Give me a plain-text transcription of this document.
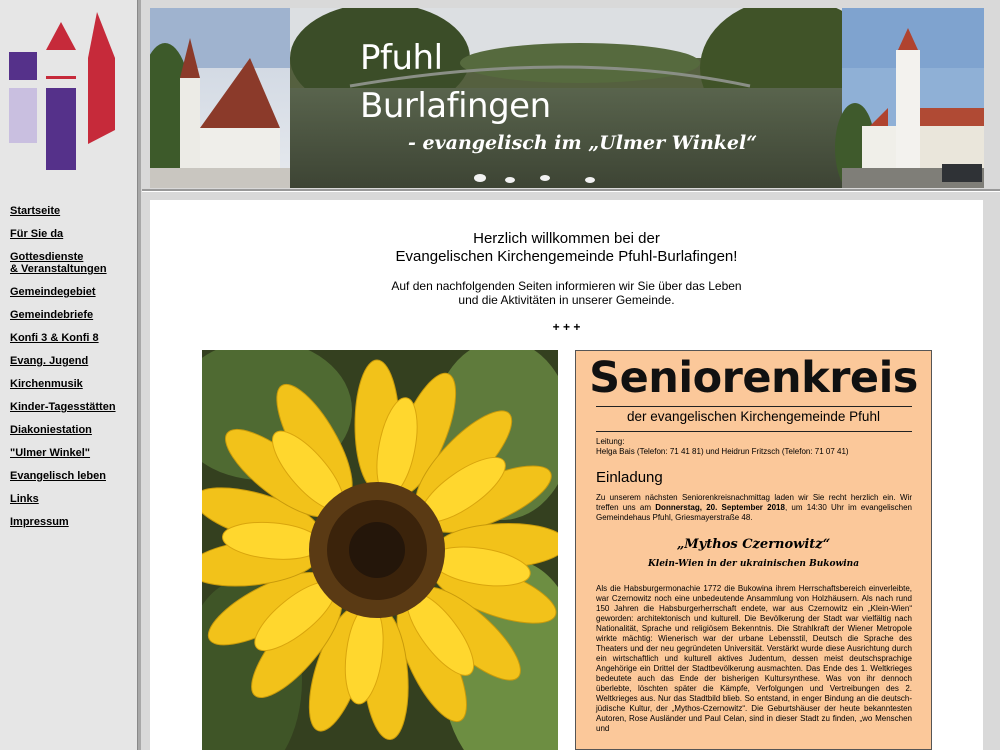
Startseite
Für Sie da
Gottesdienste
& Veranstaltungen
Gemeindegebiet
Gemeindebriefe
Konfi 3 & Konfi 8
Evang. Jugend
Kirchenmusik
Kinder-Tagesstätten
Diakoniestation
"Ulmer Winkel"
Evangelisch leben
Links
Impressum
Pfuhl
Burlafingen
- evangelisch im „Ulmer Winkel“
Herzlich willkommen bei der
Evangelischen Kirchengemeinde Pfuhl-Burlafingen!
Auf den nachfolgenden Seiten informieren wir Sie über das Leben
und die Aktivitäten in unserer Gemeinde.
+ + +
Seniorenkreis
der evangelischen Kirchengemeinde Pfuhl
Leitung:
Helga Bais (Telefon: 71 41 81) und Heidrun Fritzsch (Telefon: 71 07 41)
Einladung
Zu unserem nächsten Seniorenkreisnachmittag laden wir Sie recht herzlich ein. Wir treffen uns am Donnerstag, 20. September 2018, um 14:30 Uhr im evangelischen Gemeindehaus Pfuhl, Griesmayerstraße 48.
„Mythos Czernowitz“
Klein-Wien in der ukrainischen Bukowina
Als die Habsburgermonachie 1772 die Bukowina ihrem Herrschaftsbereich einverleibte, war Czernowitz noch eine unbedeutende Ansammlung von Holzhäusern. Als nach rund 150 Jahren die Habsburgerherrschaft endete, war aus Czernowitz ein „Klein-Wien“ geworden: architektonisch und kulturell. Die Bevölkerung der Stadt war vielfältig nach Nationalität, Sprache und religiösem Bekenntnis. Die Strahlkraft der Wiener Metropole wirkte mächtig: Wienerisch war der urbane Lebensstil, Deutsch die Sprache des Theaters und der neu gegründeten Universität. Verstärkt wurde diese Ausrichtung durch ein wirtschaftlich und kulturell aktives Judentum, dessen meist deutschsprachige Angehörige ein Drittel der Stadtbevölkerung ausmachten. Das Ende des 1. Weltkrieges bedeutete auch das Ende der bisherigen Kultursynthese. Was von ihr dennoch überlebte, löschten später die Kämpfe, Verfolgungen und Vertreibungen des 2. Weltkrieges aus. Nur das Stadtbild blieb. So entstand, in enger Bindung an die deutsch-jüdische Kultur, der „Mythos-Czernowitz“. Die Geburtshäuser der heute bekanntesten Autoren, Rose Ausländer und Paul Celan, sind in dieser Stadt zu finden, „wo Menschen und
